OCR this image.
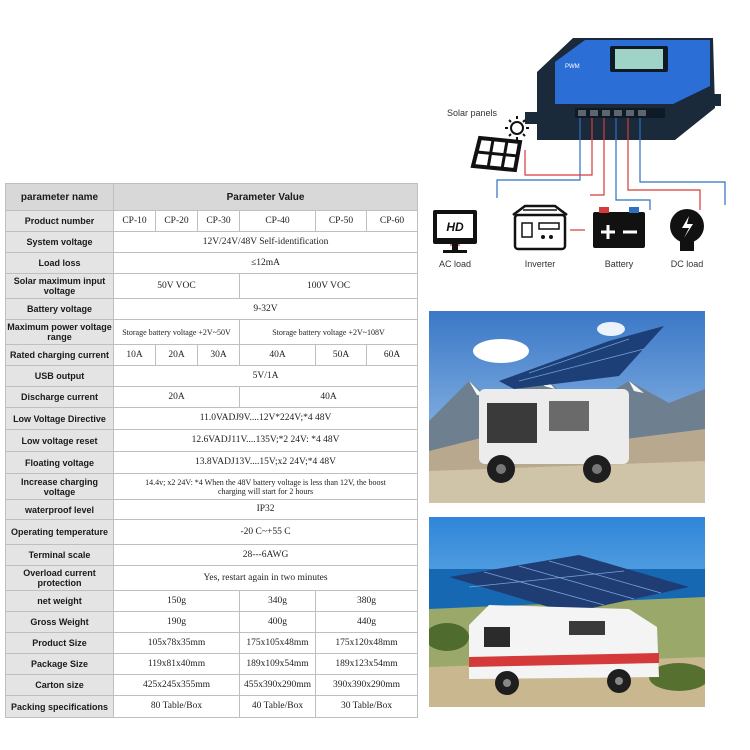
parameter name	Parameter Value					
Product number	CP-10	CP-20	CP-30	CP-40	CP-50	CP-60
System voltage	12V/24V/48V Self-identification					
Load loss	≤12mA					
Solar maximum input voltage	50V VOC			100V VOC		
Battery voltage	9-32V					
Maximum power voltage range	Storage battery voltage +2V~50V			Storage battery voltage +2V~108V		
Rated charging current	10A	20A	30A	40A	50A	60A
USB output	5V/1A					
Discharge current	20A			40A		
Low Voltage Directive	11.0VADJ9V....12V*224V;*4 48V					
Low voltage reset	12.6VADJ11V....135V;*2 24V: *4 48V					
Floating voltage	13.8VADJ13V....15V;x2 24V;*4 48V					
Increase charging voltage	14.4v; x2 24V: *4 When the 48V battery voltage is less than 12V, the boost charging will start for 2 hours					
waterproof level	IP32					
Operating temperature	-20 C~+55 C					
Terminal scale	28---6AWG					
Overload current protection	Yes, restart again in two minutes					
net weight	150g			340g	380g	
Gross Weight	190g			400g	440g	
Product Size	105x78x35mm			175x105x48mm	175x120x48mm	
Package Size	119x81x40mm			189x109x54mm	189x123x54mm	
Carton size	425x245x355mm			455x390x290mm	390x390x290mm	
Packing specifications	80 Table/Box			40 Table/Box	30 Table/Box	
PWM
Solar panels
HD
AC load	Inverter	Battery	DC load
